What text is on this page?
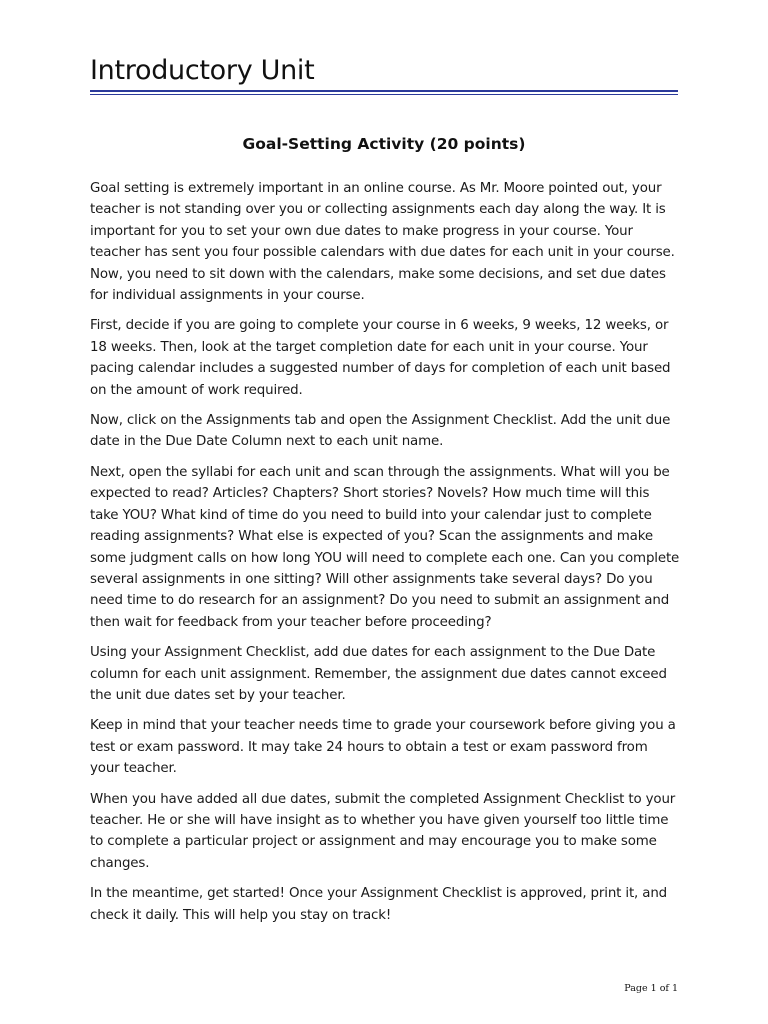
Introductory Unit
Goal-Setting Activity (20 points)

Goal setting is extremely important in an online course. As Mr. Moore pointed out, your teacher is not standing over you or collecting assignments each day along the way. It is important for you to set your own due dates to make progress in your course. Your teacher has sent you four possible calendars with due dates for each unit in your course. Now, you need to sit down with the calendars, make some decisions, and set due dates for individual assignments in your course.

First, decide if you are going to complete your course in 6 weeks, 9 weeks, 12 weeks, or 18 weeks. Then, look at the target completion date for each unit in your course. Your pacing calendar includes a suggested number of days for completion of each unit based on the amount of work required.

Now, click on the Assignments tab and open the Assignment Checklist. Add the unit due date in the Due Date Column next to each unit name.

Next, open the syllabi for each unit and scan through the assignments. What will you be expected to read? Articles? Chapters? Short stories? Novels? How much time will this take YOU? What kind of time do you need to build into your calendar just to complete reading assignments? What else is expected of you? Scan the assignments and make some judgment calls on how long YOU will need to complete each one. Can you complete several assignments in one sitting? Will other assignments take several days? Do you need time to do research for an assignment? Do you need to submit an assignment and then wait for feedback from your teacher before proceeding?

Using your Assignment Checklist, add due dates for each assignment to the Due Date column for each unit assignment. Remember, the assignment due dates cannot exceed the unit due dates set by your teacher.

Keep in mind that your teacher needs time to grade your coursework before giving you a test or exam password. It may take 24 hours to obtain a test or exam password from your teacher.

When you have added all due dates, submit the completed Assignment Checklist to your teacher. He or she will have insight as to whether you have given yourself too little time to complete a particular project or assignment and may encourage you to make some changes.

In the meantime, get started! Once your Assignment Checklist is approved, print it, and check it daily. This will help you stay on track!

Page 1 of 1
